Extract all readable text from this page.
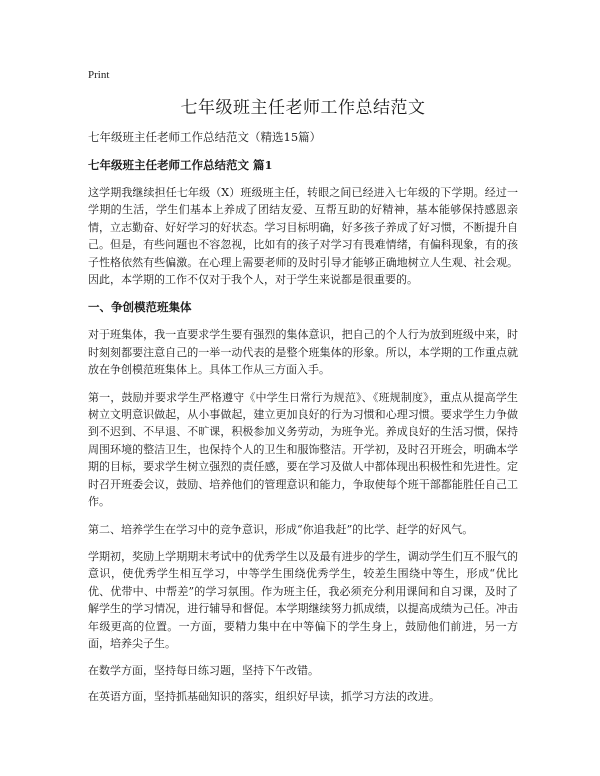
Print
七年级班主任老师工作总结范文
七年级班主任老师工作总结范文（精选15篇）
七年级班主任老师工作总结范文 篇1

这学期我继续担任七年级（X）班级班主任，转眼之间已经进入七年级的下学期。经过一学期的生活，学生们基本上养成了团结友爱、互帮互助的好精神，基本能够保持感恩亲情，立志勤奋、好好学习的好状态。学习目标明确，好多孩子养成了好习惯，不断提升自己。但是，有些问题也不容忽视，比如有的孩子对学习有畏难情绪，有偏科现象，有的孩子性格依然有些偏激。在心理上需要老师的及时引导才能够正确地树立人生观、社会观。因此，本学期的工作不仅对于我个人，对于学生来说都是很重要的。

一、争创模范班集体

对于班集体，我一直要求学生要有强烈的集体意识，把自己的个人行为放到班级中来，时时刻刻都要注意自己的一举一动代表的是整个班集体的形象。所以，本学期的工作重点就放在争创模范班集体上。具体工作从三方面入手。

第一，鼓励并要求学生严格遵守《中学生日常行为规范》、《班规制度》，重点从提高学生树立文明意识做起，从小事做起，建立更加良好的行为习惯和心理习惯。要求学生力争做到不迟到、不早退、不旷课，积极参加义务劳动，为班争光。养成良好的生活习惯，保持周围环境的整洁卫生，也保持个人的卫生和服饰整洁。开学初，及时召开班会，明确本学期的目标，要求学生树立强烈的责任感，要在学习及做人中都体现出积极性和先进性。定时召开班委会议，鼓励、培养他们的管理意识和能力，争取使每个班干部都能胜任自己工作。

第二、培养学生在学习中的竞争意识，形成“你追我赶”的比学、赶学的好风气。

学期初，奖励上学期期末考试中的优秀学生以及最有进步的学生，调动学生们互不服气的意识，使优秀学生相互学习，中等学生围绕优秀学生，较差生围绕中等生，形成“优比优、优带中、中帮差”的学习氛围。作为班主任，我必须充分利用课间和自习课，及时了解学生的学习情况，进行辅导和督促。本学期继续努力抓成绩，以提高成绩为己任。冲击年级更高的位置。一方面，要精力集中在中等偏下的学生身上，鼓励他们前进，另一方面，培养尖子生。

在数学方面，坚持每日练习题，坚持下午改错。

在英语方面，坚持抓基础知识的落实，组织好早读，抓学习方法的改进。
